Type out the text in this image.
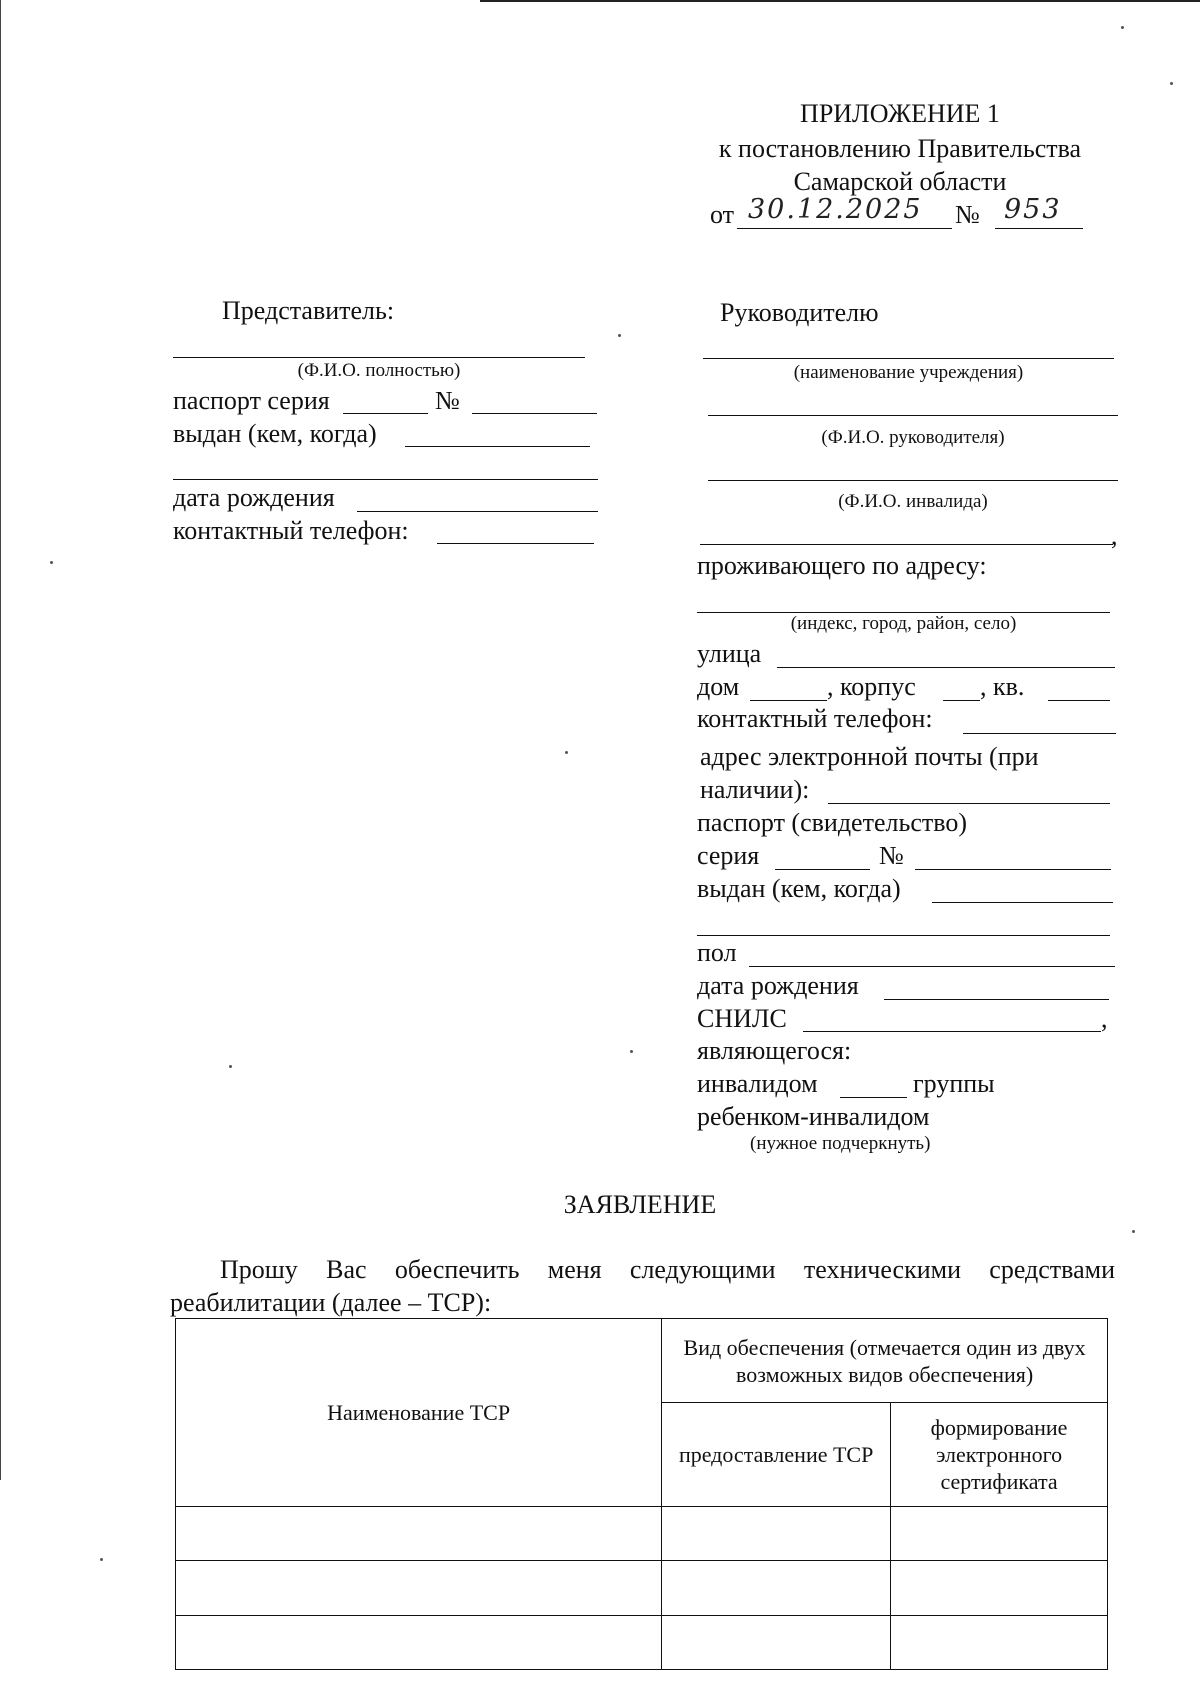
ПРИЛОЖЕНИЕ 1
к постановлению Правительства
Самарской области
от 30.12.2025 № 953
Представитель:
(Ф.И.О. полностью)
паспорт серия	№
выдан (кем, когда)
дата рождения
контактный телефон:
Руководителю
(наименование учреждения)
(Ф.И.О. руководителя)
(Ф.И.О. инвалида)
,
проживающего по адресу:
(индекс, город, район, село)
улица
дом	, корпус , кв.
контактный телефон:
адрес электронной почты (при
наличии):
паспорт (свидетельство)
серия	№
выдан (кем, когда)
пол
дата рождения
СНИЛС	,
являющегося:
инвалидом	группы
ребенком-инвалидом
(нужное подчеркнуть)
ЗАЯВЛЕНИЕ
Прошу Вас обеспечить меня следующими техническими средствами
реабилитации (далее – ТСР):
Наименование ТСР	Вид обеспечения (отмечается один из двух возможных видов обеспечения)	
	предоставление ТСР	формирование электронного сертификата
